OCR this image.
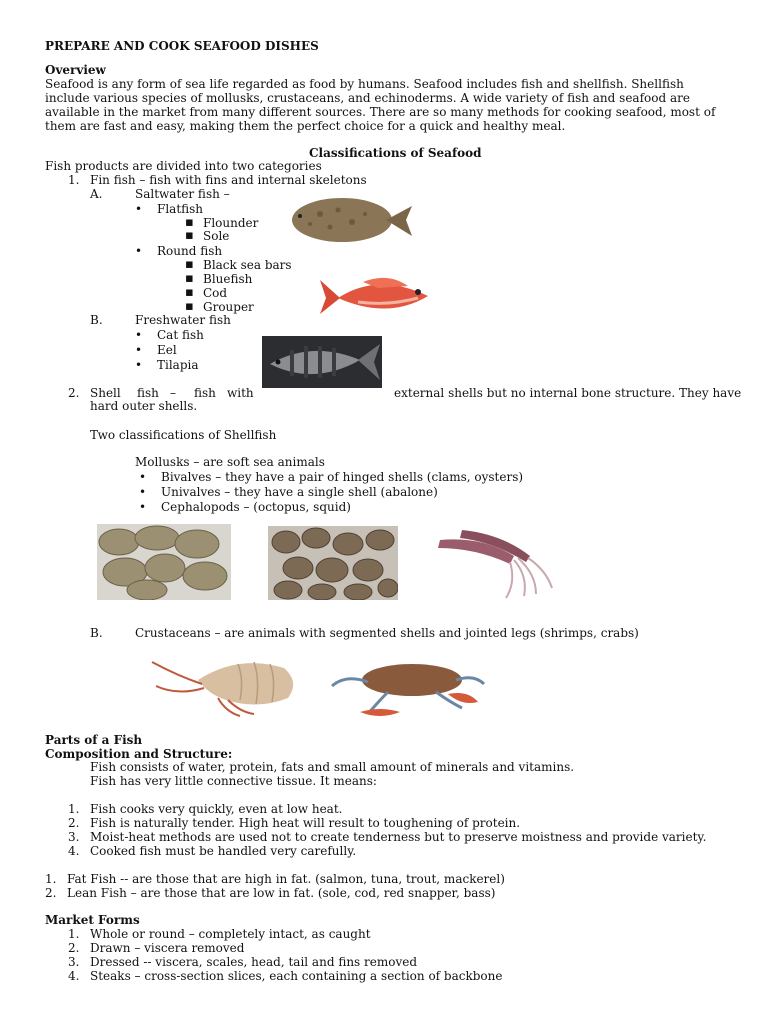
PREPARE AND COOK SEAFOOD DISHES
Overview
Seafood is any form of sea life regarded as food by humans. Seafood includes fish and shellfish. Shellfish include various species of mollusks, crustaceans, and echinoderms. A wide variety of fish and seafood are available in the market from many different sources. There are so many methods for cooking seafood, most of them are fast and easy, making them the perfect choice for a quick and healthy meal.
Classifications of Seafood
Fish products are divided into two categories
1. Fin fish – fish with fins and internal skeletons
A.	Saltwater fish –
• Flatfish
▪ Flounder
▪ Sole
• Round fish
▪ Black sea bars
▪ Bluefish
▪ Cod
▪ Grouper
B.	Freshwater fish
• Cat fish
• Eel
• Tilapia
2. Shell fish – fish with	external shells but no internal bone structure. They have
hard outer shells.
Two classifications of Shellfish
Mollusks – are soft sea animals
• Bivalves – they have a pair of hinged shells (clams, oysters)
• Univalves – they have a single shell (abalone)
• Cephalopods – (octopus, squid)
B.	Crustaceans – are animals with segmented shells and jointed legs (shrimps, crabs)
Parts of a Fish
Composition and Structure:
Fish consists of water, protein, fats and small amount of minerals and vitamins.
Fish has very little connective tissue. It means:
1. Fish cooks very quickly, even at low heat.
2. Fish is naturally tender. High heat will result to toughening of protein.
3. Moist-heat methods are used not to create tenderness but to preserve moistness and provide variety.
4. Cooked fish must be handled very carefully.
1. Fat Fish -- are those that are high in fat. (salmon, tuna, trout, mackerel)
2. Lean Fish – are those that are low in fat. (sole, cod, red snapper, bass)
Market Forms
1. Whole or round – completely intact, as caught
2. Drawn – viscera removed
3. Dressed -- viscera, scales, head, tail and fins removed
4. Steaks – cross-section slices, each containing a section of backbone
